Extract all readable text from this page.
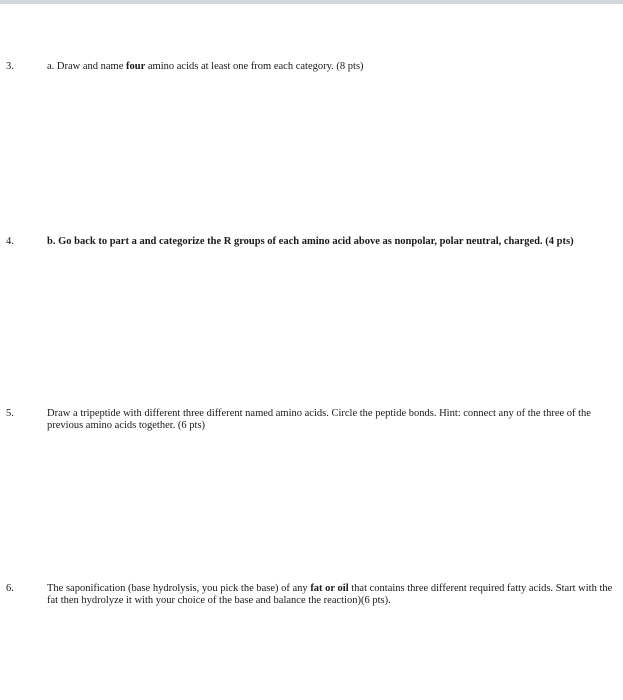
3.	a. Draw and name four amino acids at least one from each category. (8 pts)
4.	b. Go back to part a and categorize the R groups of each amino acid above as nonpolar, polar neutral, charged. (4 pts)
5.	Draw a tripeptide with different three different named amino acids. Circle the peptide bonds. Hint: connect any of the three of the previous amino acids together. (6 pts)
6.	The saponification (base hydrolysis, you pick the base) of any fat or oil that contains three different required fatty acids. Start with the fat then hydrolyze it with your choice of the base and balance the reaction)(6 pts).
